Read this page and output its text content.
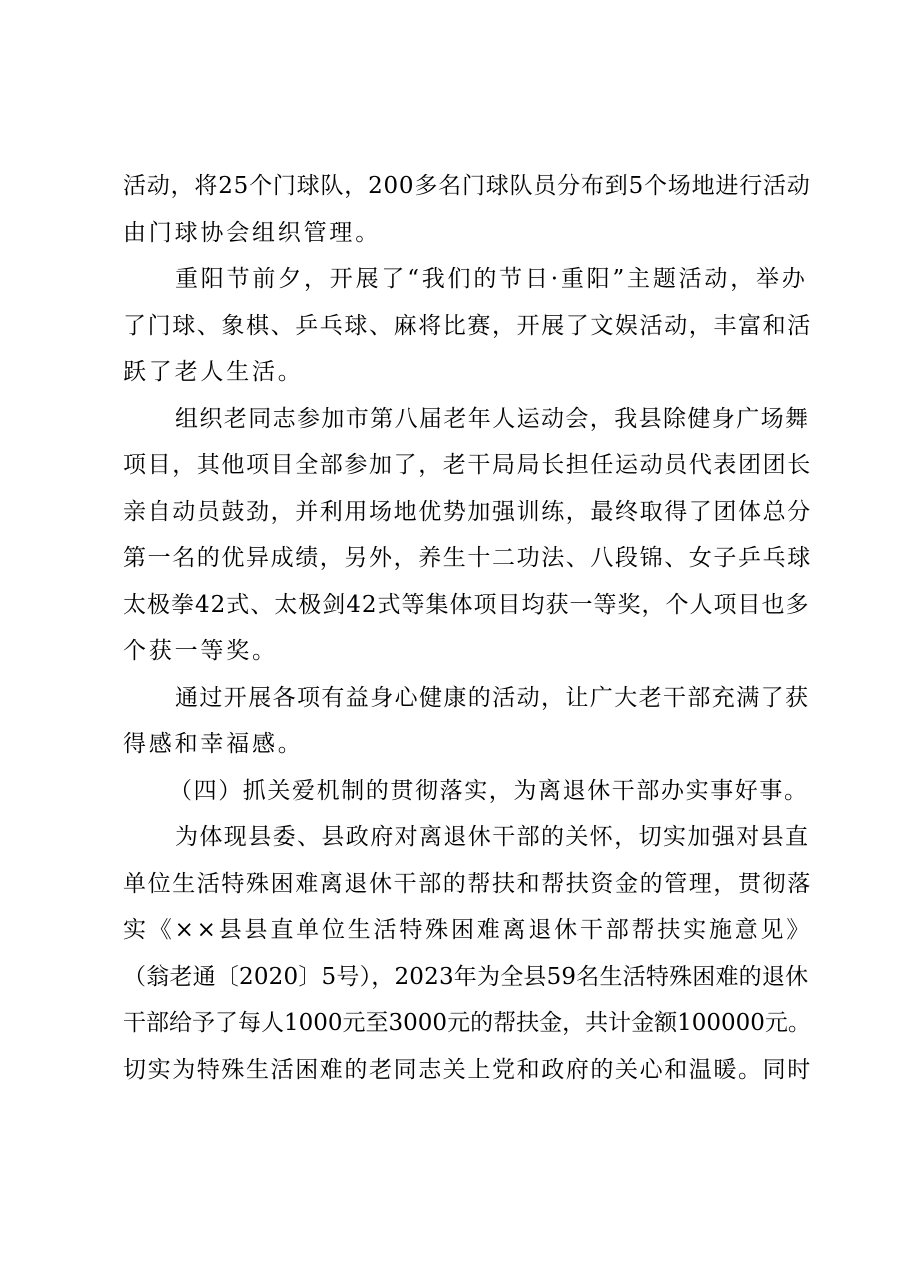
活动，将25个门球队，200多名门球队员分布到5个场地进行活动
由门球协会组织管理。

重阳节前夕，开展了“我们的节日·重阳”主题活动，举办
了门球、象棋、乒乓球、麻将比赛，开展了文娱活动，丰富和活
跃了老人生活。

组织老同志参加市第八届老年人运动会，我县除健身广场舞
项目，其他项目全部参加了，老干局局长担任运动员代表团团长
亲自动员鼓劲，并利用场地优势加强训练，最终取得了团体总分
第一名的优异成绩，另外，养生十二功法、八段锦、女子乒乓球
太极拳42式、太极剑42式等集体项目均获一等奖，个人项目也多
个获一等奖。

通过开展各项有益身心健康的活动，让广大老干部充满了获
得感和幸福感。

（四）抓关爱机制的贯彻落实，为离退休干部办实事好事。

为体现县委、县政府对离退休干部的关怀，切实加强对县直
单位生活特殊困难离退休干部的帮扶和帮扶资金的管理，贯彻落
实《××县县直单位生活特殊困难离退休干部帮扶实施意见》
（翁老通〔2020〕5号），2023年为全县59名生活特殊困难的退休
干部给予了每人1000元至3000元的帮扶金，共计金额100000元。
切实为特殊生活困难的老同志关上党和政府的关心和温暖。同时
